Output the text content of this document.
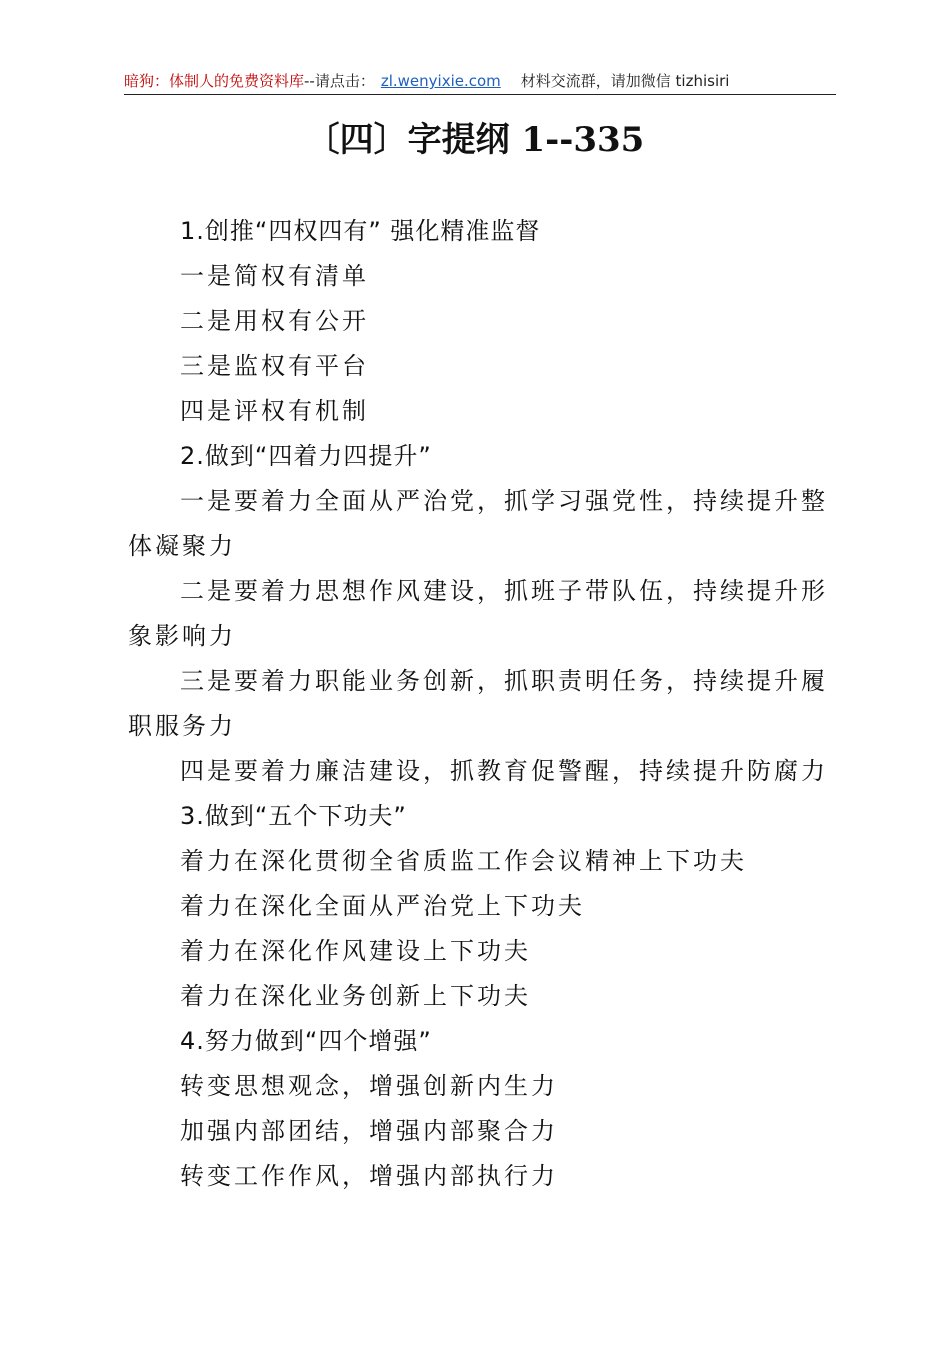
暗狗：体制人的免费资料库--请点击： zl.wenyixie.com 材料交流群，请加微信 tizhisiri
〔四〕字提纲 1--335
1.创推“四权四有” 强化精准监督
一是简权有清单
二是用权有公开
三是监权有平台
四是评权有机制
2.做到“四着力四提升”
一是要着力全面从严治党，抓学习强党性，持续提升整体凝聚力
二是要着力思想作风建设，抓班子带队伍，持续提升形象影响力
三是要着力职能业务创新，抓职责明任务，持续提升履职服务力
四是要着力廉洁建设，抓教育促警醒，持续提升防腐力
3.做到“五个下功夫”
着力在深化贯彻全省质监工作会议精神上下功夫
着力在深化全面从严治党上下功夫
着力在深化作风建设上下功夫
着力在深化业务创新上下功夫
4.努力做到“四个增强”
转变思想观念，增强创新内生力
加强内部团结，增强内部聚合力
转变工作作风，增强内部执行力
